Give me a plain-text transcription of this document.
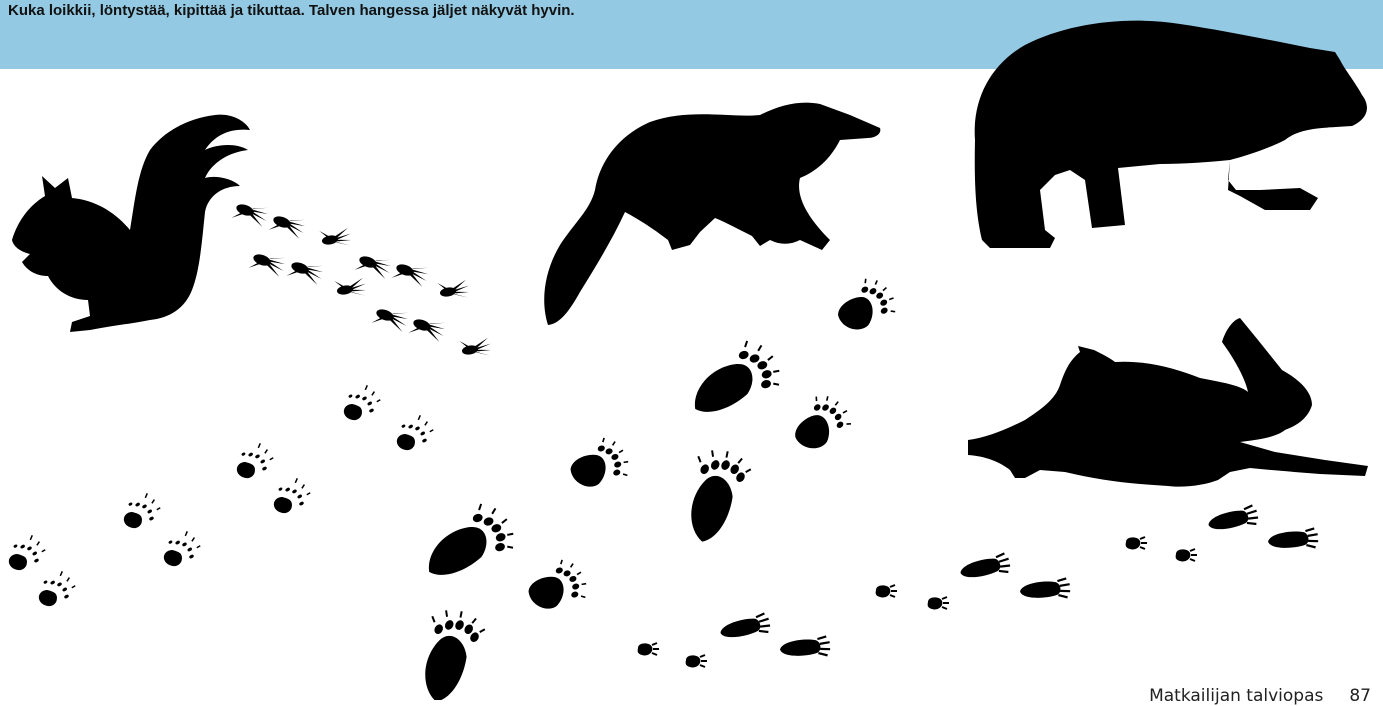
Kuka loikkii, löntystää, kipittää ja tikuttaa. Talven hangessa jäljet näkyvät hyvin.
Matkailijan talviopas 87
